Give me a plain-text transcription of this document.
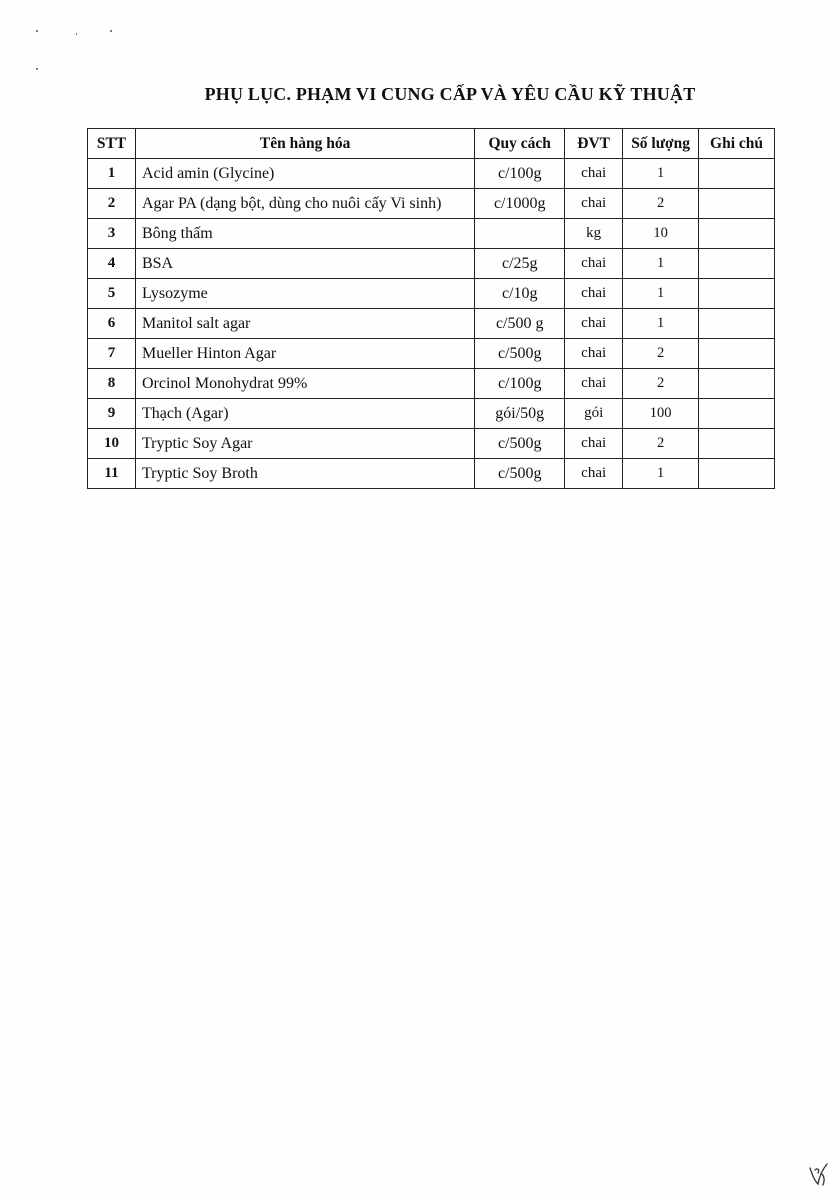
PHỤ LỤC. PHẠM VI CUNG CẤP VÀ YÊU CẦU KỸ THUẬT
STT	Tên hàng hóa	Quy cách	ĐVT	Số lượng	Ghi chú
1	Acid amin (Glycine)	c/100g	chai	1	
2	Agar PA (dạng bột, dùng cho nuôi cấy Vi sinh)	c/1000g	chai	2	
3	Bông thấm		kg	10	
4	BSA	c/25g	chai	1	
5	Lysozyme	c/10g	chai	1	
6	Manitol salt agar	c/500 g	chai	1	
7	Mueller Hinton Agar	c/500g	chai	2	
8	Orcinol Monohydrat 99%	c/100g	chai	2	
9	Thạch (Agar)	gói/50g	gói	100	
10	Tryptic Soy Agar	c/500g	chai	2	
11	Tryptic Soy Broth	c/500g	chai	1	
